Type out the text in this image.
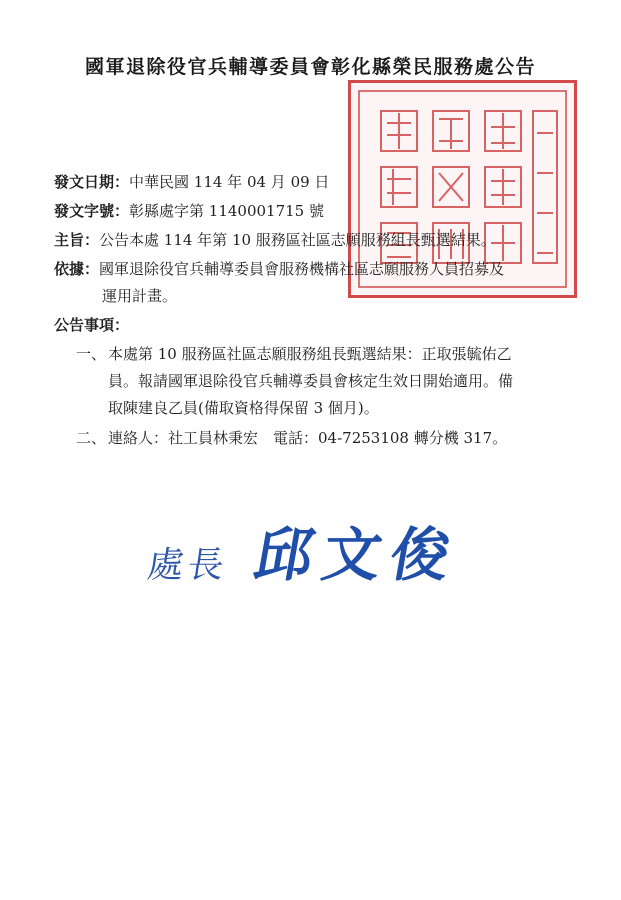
國軍退除役官兵輔導委員會彰化縣榮民服務處公告
發文日期：中華民國 114 年 04 月 09 日
發文字號：彰縣處字第 1140001715 號
主旨：公告本處 114 年第 10 服務區社區志願服務組長甄選結果。
依據：國軍退除役官兵輔導委員會服務機構社區志願服務人員招募及
運用計畫。
公告事項：
一、 本處第 10 服務區社區志願服務組長甄選結果：正取張毓佑乙
員。報請國軍退除役官兵輔導委員會核定生效日開始適用。備
取陳建良乙員(備取資格得保留 3 個月)。
二、 連絡人：社工員林秉宏　電話：04-7253108 轉分機 317。
處長 邱文俊
